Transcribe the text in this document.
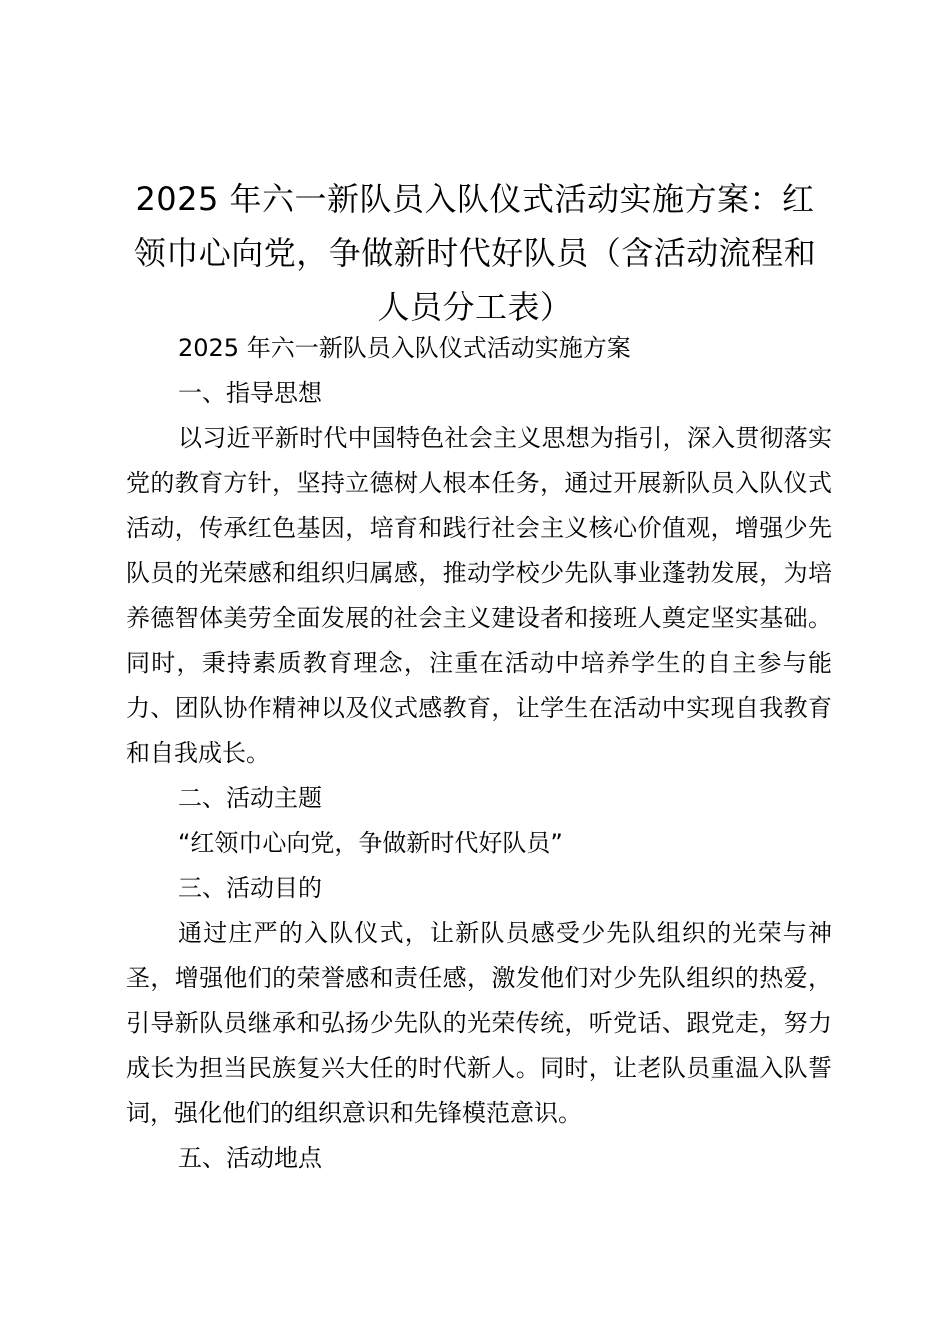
2025 年六一新队员入队仪式活动实施方案：红领巾心向党，争做新时代好队员（含活动流程和人员分工表）

2025 年六一新队员入队仪式活动实施方案

一、指导思想

以习近平新时代中国特色社会主义思想为指引，深入贯彻落实党的教育方针，坚持立德树人根本任务，通过开展新队员入队仪式活动，传承红色基因，培育和践行社会主义核心价值观，增强少先队员的光荣感和组织归属感，推动学校少先队事业蓬勃发展，为培养德智体美劳全面发展的社会主义建设者和接班人奠定坚实基础。同时，秉持素质教育理念，注重在活动中培养学生的自主参与能力、团队协作精神以及仪式感教育，让学生在活动中实现自我教育和自我成长。

二、活动主题

“红领巾心向党，争做新时代好队员”

三、活动目的

通过庄严的入队仪式，让新队员感受少先队组织的光荣与神圣，增强他们的荣誉感和责任感，激发他们对少先队组织的热爱，引导新队员继承和弘扬少先队的光荣传统，听党话、跟党走，努力成长为担当民族复兴大任的时代新人。同时，让老队员重温入队誓词，强化他们的组织意识和先锋模范意识。

五、活动地点
